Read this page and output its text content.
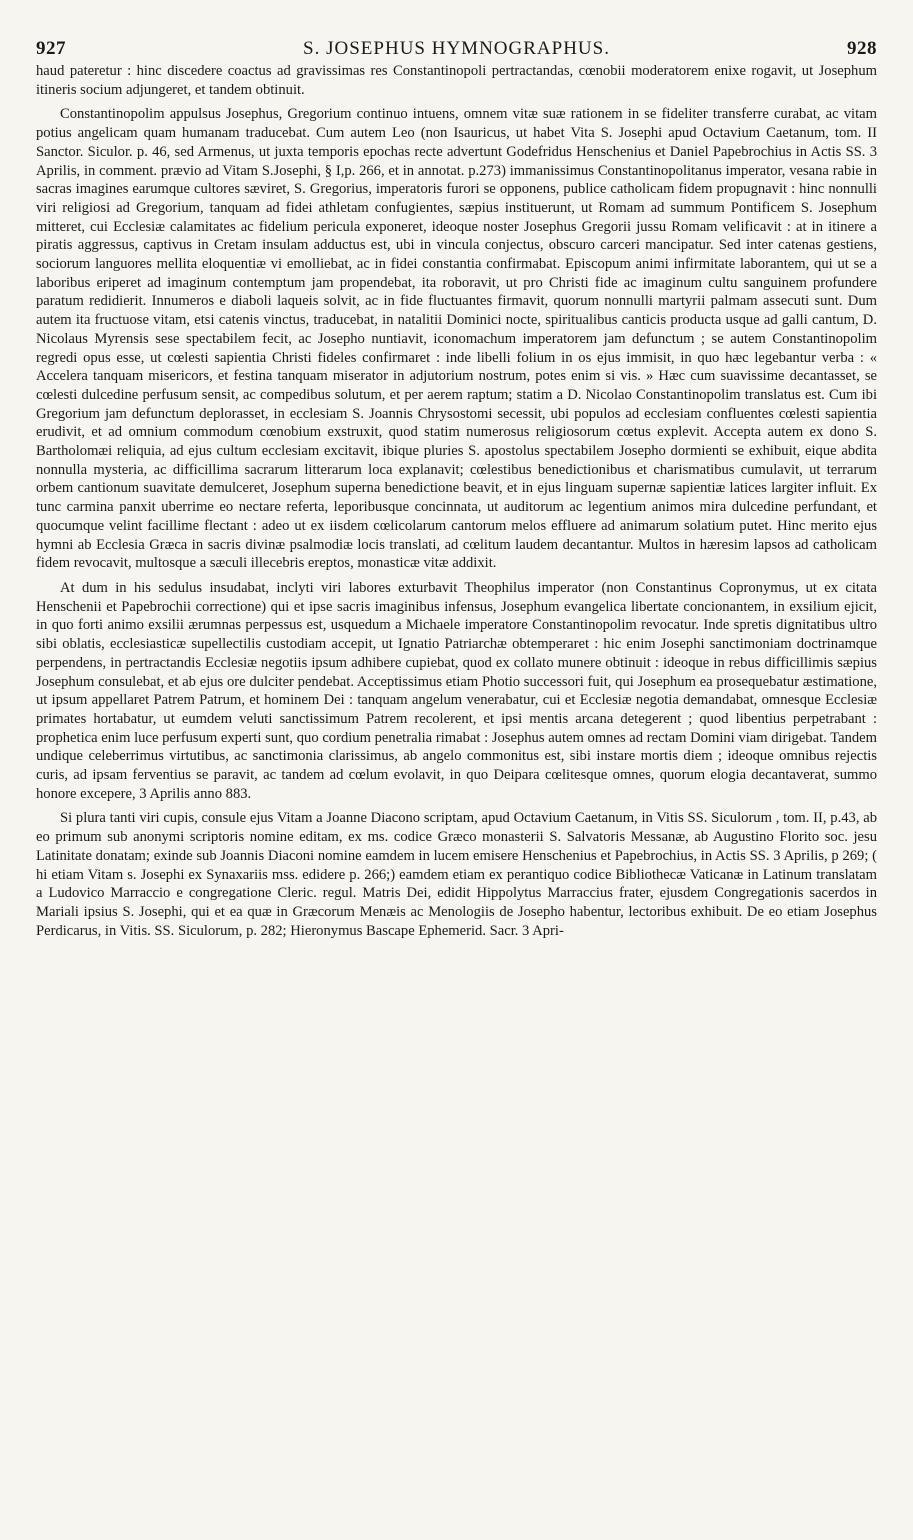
927	S. JOSEPHUS HYMNOGRAPHUS.	928

haud pateretur : hinc discedere coactus ad gravissimas res Constantinopoli pertractandas, cœnobii moderatorem enixe rogavit, ut Josephum itineris socium adjungeret, et tandem obtinuit.

Constantinopolim appulsus Josephus, Gregorium continuo intuens, omnem vitæ suæ rationem in se fideliter transferre curabat, ac vitam potius angelicam quam humanam traducebat. Cum autem Leo (non Isauricus, ut habet Vita S. Josephi apud Octavium Caetanum, tom. II Sanctor. Siculor. p. 46, sed Armenus, ut juxta temporis epochas recte advertunt Godefridus Henschenius et Daniel Papebrochius in Actis SS. 3 Aprilis, in comment. prævio ad Vitam S.Josephi, § I,p. 266, et in annotat. p.273) immanissimus Constantinopolitanus imperator, vesana rabie in sacras imagines earumque cultores sæviret, S. Gregorius, imperatoris furori se opponens, publice catholicam fidem propugnavit : hinc nonnulli viri religiosi ad Gregorium, tanquam ad fidei athletam confugientes, sæpius instituerunt, ut Romam ad summum Pontificem S. Josephum mitteret, cui Ecclesiæ calamitates ac fidelium pericula exponeret, ideoque noster Josephus Gregorii jussu Romam velificavit : at in itinere a piratis aggressus, captivus in Cretam insulam adductus est, ubi in vincula conjectus, obscuro carceri mancipatur. Sed inter catenas gestiens, sociorum languores mellita eloquentiæ vi emolliebat, ac in fidei constantia confirmabat. Episcopum animi infirmitate laborantem, qui ut se a laboribus eriperet ad imaginum contemptum jam propendebat, ita roboravit, ut pro Christi fide ac imaginum cultu sanguinem profundere paratum redidierit. Innumeros e diaboli laqueis solvit, ac in fide fluctuantes firmavit, quorum nonnulli martyrii palmam assecuti sunt. Dum autem ita fructuose vitam, etsi catenis vinctus, traducebat, in natalitii Dominici nocte, spiritualibus canticis producta usque ad galli cantum, D. Nicolaus Myrensis sese spectabilem fecit, ac Josepho nuntiavit, iconomachum imperatorem jam defunctum ; se autem Constantinopolim regredi opus esse, ut cœlesti sapientia Christi fideles confirmaret : inde libelli folium in os ejus immisit, in quo hæc legebantur verba : « Accelera tanquam misericors, et festina tanquam miserator in adjutorium nostrum, potes enim si vis. » Hæc cum suavissime decantasset, se cœlesti dulcedine perfusum sensit, ac compedibus solutum, et per aerem raptum; statim a D. Nicolao Constantinopolim translatus est. Cum ibi Gregorium jam defunctum deplorasset, in ecclesiam S. Joannis Chrysostomi secessit, ubi populos ad ecclesiam confluentes cœlesti sapientia erudivit, et ad omnium commodum cœnobium exstruxit, quod statim numerosus religiosorum cœtus explevit. Accepta autem ex dono S. Bartholomæi reliquia, ad ejus cultum ecclesiam excitavit, ibique pluries S. apostolus spectabilem Josepho dormienti se exhibuit, eique abdita nonnulla mysteria, ac difficillima sacrarum litterarum loca explanavit; cœlestibus benedictionibus et charismatibus cumulavit, ut terrarum orbem cantionum suavitate demulceret, Josephum superna benedictione beavit, et in ejus linguam supernæ sapientiæ latices largiter influit. Ex tunc carmina panxit uberrime eo nectare referta, leporibusque concinnata, ut auditorum ac legentium animos mira dulcedine perfundant, et quocumque velint facillime flectant : adeo ut ex iisdem cœlicolarum cantorum melos effluere ad animarum solatium putet. Hinc merito ejus hymni ab Ecclesia Græca in sacris divinæ psalmodiæ locis translati, ad cœlitum laudem decantantur. Multos in hæresim lapsos ad catholicam fidem revocavit, multosque a sæculi illecebris ereptos, monasticæ vitæ addixit.

At dum in his sedulus insudabat, inclyti viri labores exturbavit Theophilus imperator (non Constantinus Copronymus, ut ex citata Henschenii et Papebrochii correctione) qui et ipse sacris imaginibus infensus, Josephum evangelica libertate concionantem, in exsilium ejicit, in quo forti animo exsilii ærumnas perpessus est, usquedum a Michaele imperatore Constantinopolim revocatur. Inde spretis dignitatibus ultro sibi oblatis, ecclesiasticæ supellectilis custodiam accepit, ut Ignatio Patriarchæ obtemperaret : hic enim Josephi sanctimoniam doctrinamque perpendens, in pertractandis Ecclesiæ negotiis ipsum adhibere cupiebat, quod ex collato munere obtinuit : ideoque in rebus difficillimis sæpius Josephum consulebat, et ab ejus ore dulciter pendebat. Acceptissimus etiam Photio successori fuit, qui Josephum ea prosequebatur æstimatione, ut ipsum appellaret Patrem Patrum, et hominem Dei : tanquam angelum venerabatur, cui et Ecclesiæ negotia demandabat, omnesque Ecclesiæ primates hortabatur, ut eumdem veluti sanctissimum Patrem recolerent, et ipsi mentis arcana detegerent ; quod libentius perpetrabant : prophetica enim luce perfusum experti sunt, quo cordium penetralia rimabat : Josephus autem omnes ad rectam Domini viam dirigebat. Tandem undique celeberrimus virtutibus, ac sanctimonia clarissimus, ab angelo commonitus est, sibi instare mortis diem ; ideoque omnibus rejectis curis, ad ipsam ferventius se paravit, ac tandem ad cœlum evolavit, in quo Deipara cœlitesque omnes, quorum elogia decantaverat, summo honore excepere, 3 Aprilis anno 883.

Si plura tanti viri cupis, consule ejus Vitam a Joanne Diacono scriptam, apud Octavium Caetanum, in Vitis SS. Siculorum , tom. II, p.43, ab eo primum sub anonymi scriptoris nomine editam, ex ms. codice Græco monasterii S. Salvatoris Messanæ, ab Augustino Florito soc. jesu Latinitate donatam; exinde sub Joannis Diaconi nomine eamdem in lucem emisere Henschenius et Papebrochius, in Actis SS. 3 Aprilis, p 269; ( hi etiam Vitam s. Josephi ex Synaxariis mss. edidere p. 266;) eamdem etiam ex perantiquo codice Bibliothecæ Vaticanæ in Latinum translatam a Ludovico Marraccio e congregatione Cleric. regul. Matris Dei, edidit Hippolytus Marraccius frater, ejusdem Congregationis sacerdos in Mariali ipsius S. Josephi, qui et ea quæ in Græcorum Menæis ac Menologiis de Josepho habentur, lectoribus exhibuit. De eo etiam Josephus Perdicarus, in Vitis. SS. Siculorum, p. 282; Hieronymus Bascape Ephemerid. Sacr. 3 Apri-
